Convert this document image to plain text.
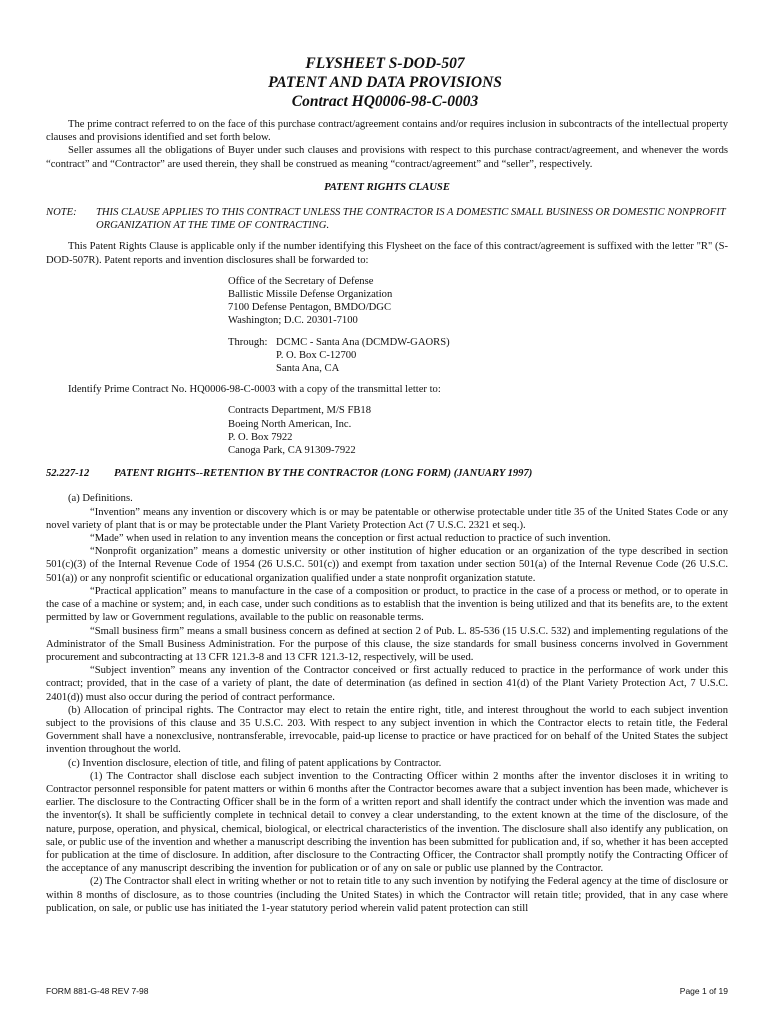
FLYSHEET S-DOD-507

PATENT AND DATA PROVISIONS

Contract HQ0006-98-C-0003

The prime contract referred to on the face of this purchase contract/agreement contains and/or requires inclusion in subcontracts of the intellectual property clauses and provisions identified and set forth below.

Seller assumes all the obligations of Buyer under such clauses and provisions with respect to this purchase contract/agreement, and whenever the words “contract” and “Contractor” are used therein, they shall be construed as meaning “contract/agreement” and “seller”, respectively.

PATENT RIGHTS CLAUSE
NOTE:	THIS CLAUSE APPLIES TO THIS CONTRACT UNLESS THE CONTRACTOR IS A DOMESTIC SMALL BUSINESS OR DOMESTIC NONPROFIT ORGANIZATION AT THE TIME OF CONTRACTING.

This Patent Rights Clause is applicable only if the number identifying this Flysheet on the face of this contract/agreement is suffixed with the letter "R" (S-DOD-507R). Patent reports and invention disclosures shall be forwarded to:

Office of the Secretary of Defense
Ballistic Missile Defense Organization
7100 Defense Pentagon, BMDO/DGC
Washington; D.C. 20301-7100
Through: DCMC - Santa Ana (DCMDW-GAORS)
P. O. Box C-12700
Santa Ana, CA

Identify Prime Contract No. HQ0006-98-C-0003 with a copy of the transmittal letter to:

Contracts Department, M/S FB18
Boeing North American, Inc.
P. O. Box 7922
Canoga Park, CA 91309-7922
52.227-12	PATENT RIGHTS--RETENTION BY THE CONTRACTOR (LONG FORM) (JANUARY 1997)

(a) Definitions.

“Invention” means any invention or discovery which is or may be patentable or otherwise protectable under title 35 of the United States Code or any novel variety of plant that is or may be protectable under the Plant Variety Protection Act (7 U.S.C. 2321 et seq.).

“Made” when used in relation to any invention means the conception or first actual reduction to practice of such invention.

“Nonprofit organization” means a domestic university or other institution of higher education or an organization of the type described in section 501(c)(3) of the Internal Revenue Code of 1954 (26 U.S.C. 501(c)) and exempt from taxation under section 501(a) of the Internal Revenue Code (26 U.S.C. 501(a)) or any nonprofit scientific or educational organization qualified under a state nonprofit organization statute.

“Practical application” means to manufacture in the case of a composition or product, to practice in the case of a process or method, or to operate in the case of a machine or system; and, in each case, under such conditions as to establish that the invention is being utilized and that its benefits are, to the extent permitted by law or Government regulations, available to the public on reasonable terms.

“Small business firm” means a small business concern as defined at section 2 of Pub. L. 85-536 (15 U.S.C. 532) and implementing regulations of the Administrator of the Small Business Administration. For the purpose of this clause, the size standards for small business concerns involved in Government procurement and subcontracting at 13 CFR 121.3-8 and 13 CFR 121.3-12, respectively, will be used.

“Subject invention” means any invention of the Contractor conceived or first actually reduced to practice in the performance of work under this contract; provided, that in the case of a variety of plant, the date of determination (as defined in section 41(d) of the Plant Variety Protection Act, 7 U.S.C. 2401(d)) must also occur during the period of contract performance.

(b) Allocation of principal rights. The Contractor may elect to retain the entire right, title, and interest throughout the world to each subject invention subject to the provisions of this clause and 35 U.S.C. 203. With respect to any subject invention in which the Contractor elects to retain title, the Federal Government shall have a nonexclusive, nontransferable, irrevocable, paid-up license to practice or have practiced for on behalf of the United States the subject invention throughout the world.

(c) Invention disclosure, election of title, and filing of patent applications by Contractor.

(1) The Contractor shall disclose each subject invention to the Contracting Officer within 2 months after the inventor discloses it in writing to Contractor personnel responsible for patent matters or within 6 months after the Contractor becomes aware that a subject invention has been made, whichever is earlier. The disclosure to the Contracting Officer shall be in the form of a written report and shall identify the contract under which the invention was made and the inventor(s). It shall be sufficiently complete in technical detail to convey a clear understanding, to the extent known at the time of the disclosure, of the nature, purpose, operation, and physical, chemical, biological, or electrical characteristics of the invention. The disclosure shall also identify any publication, on sale, or public use of the invention and whether a manuscript describing the invention has been submitted for publication and, if so, whether it has been accepted for publication at the time of disclosure. In addition, after disclosure to the Contracting Officer, the Contractor shall promptly notify the Contracting Officer of the acceptance of any manuscript describing the invention for publication or of any on sale or public use planned by the Contractor.

(2) The Contractor shall elect in writing whether or not to retain title to any such invention by notifying the Federal agency at the time of disclosure or within 8 months of disclosure, as to those countries (including the United States) in which the Contractor will retain title; provided, that in any case where publication, on sale, or public use has initiated the 1-year statutory period wherein valid patent protection can still

FORM 881-G-48 REV 7-98	Page 1 of 19
